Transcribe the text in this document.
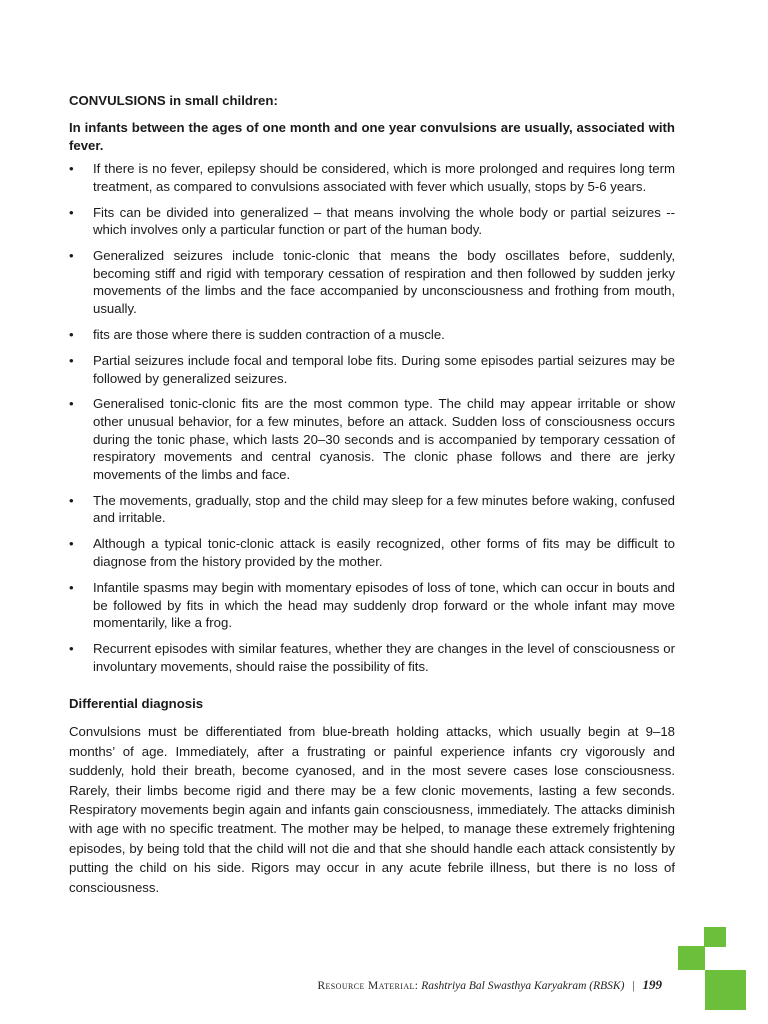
CONVULSIONS in small children:
In infants between the ages of one month and one year convulsions are usually, associated with fever.
• If there is no fever, epilepsy should be considered, which is more prolonged and requires long term treatment, as compared to convulsions associated with fever which usually, stops by 5-6 years.
• Fits can be divided into generalized – that means involving the whole body or partial seizures --which involves only a particular function or part of the human body.
• Generalized seizures include tonic-clonic that means the body oscillates before, suddenly, becoming stiff and rigid with temporary cessation of respiration and then followed by sudden jerky movements of the limbs and the face accompanied by unconsciousness and frothing from mouth, usually.
• fits are those where there is sudden contraction of a muscle.
• Partial seizures include focal and temporal lobe fits. During some episodes partial seizures may be followed by generalized seizures.
• Generalised tonic-clonic fits are the most common type. The child may appear irritable or show other unusual behavior, for a few minutes, before an attack. Sudden loss of consciousness occurs during the tonic phase, which lasts 20–30 seconds and is accompanied by temporary cessation of respiratory movements and central cyanosis. The clonic phase follows and there are jerky movements of the limbs and face.
• The movements, gradually, stop and the child may sleep for a few minutes before waking, confused and irritable.
• Although a typical tonic-clonic attack is easily recognized, other forms of fits may be difficult to diagnose from the history provided by the mother.
• Infantile spasms may begin with momentary episodes of loss of tone, which can occur in bouts and be followed by fits in which the head may suddenly drop forward or the whole infant may move momentarily, like a frog.
• Recurrent episodes with similar features, whether they are changes in the level of consciousness or involuntary movements, should raise the possibility of fits.
Differential diagnosis

Convulsions must be differentiated from blue-breath holding attacks, which usually begin at 9–18 months’ of age. Immediately, after a frustrating or painful experience infants cry vigorously and suddenly, hold their breath, become cyanosed, and in the most severe cases lose consciousness. Rarely, their limbs become rigid and there may be a few clonic movements, lasting a few seconds. Respiratory movements begin again and infants gain consciousness, immediately. The attacks diminish with age with no specific treatment. The mother may be helped, to manage these extremely frightening episodes, by being told that the child will not die and that she should handle each attack consistently by putting the child on his side. Rigors may occur in any acute febrile illness, but there is no loss of consciousness.

Resource Material: Rashtriya Bal Swasthya Karyakram (RBSK) | 199
